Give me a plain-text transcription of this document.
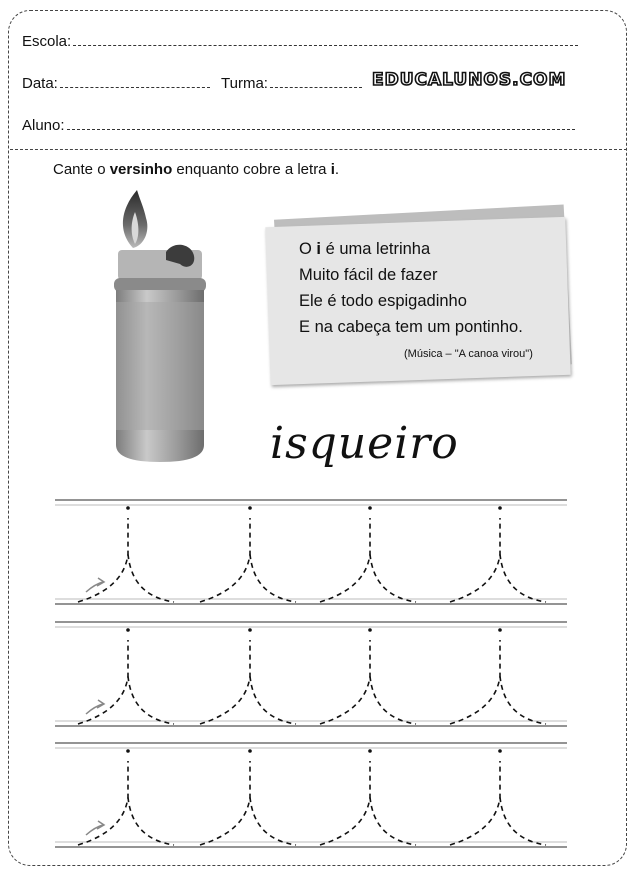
Escola:
Data:	Turma:	EDUCALUNOS.COM
Aluno:
Cante o versinho enquanto cobre a letra i.
O i é uma letrinha
Muito fácil de fazer
Ele é todo espigadinho
E na cabeça tem um pontinho.
(Música – "A canoa virou")
isqueiro
